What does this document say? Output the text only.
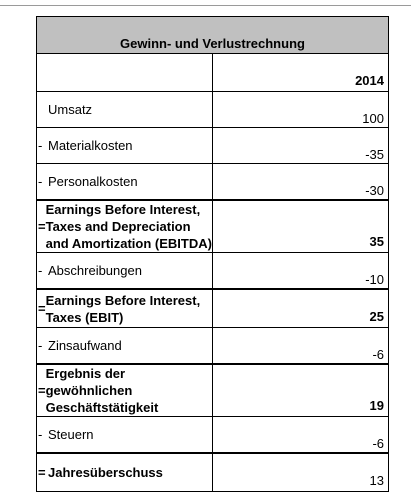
Gewinn- und Verlustrechnung	
	2014

Umsatz	100

- Materialkosten	-35

- Personalkosten	-30

=
Earnings Before Interest, Taxes and Depreciation and Amortization (EBITDA)	35

- Abschreibungen	-10

=
Earnings Before Interest, Taxes (EBIT)	25

- Zinsaufwand	-6

=
Ergebnis der gewöhnlichen Geschäftstätigkeit	19

- Steuern	-6

= Jahresüberschuss	13
